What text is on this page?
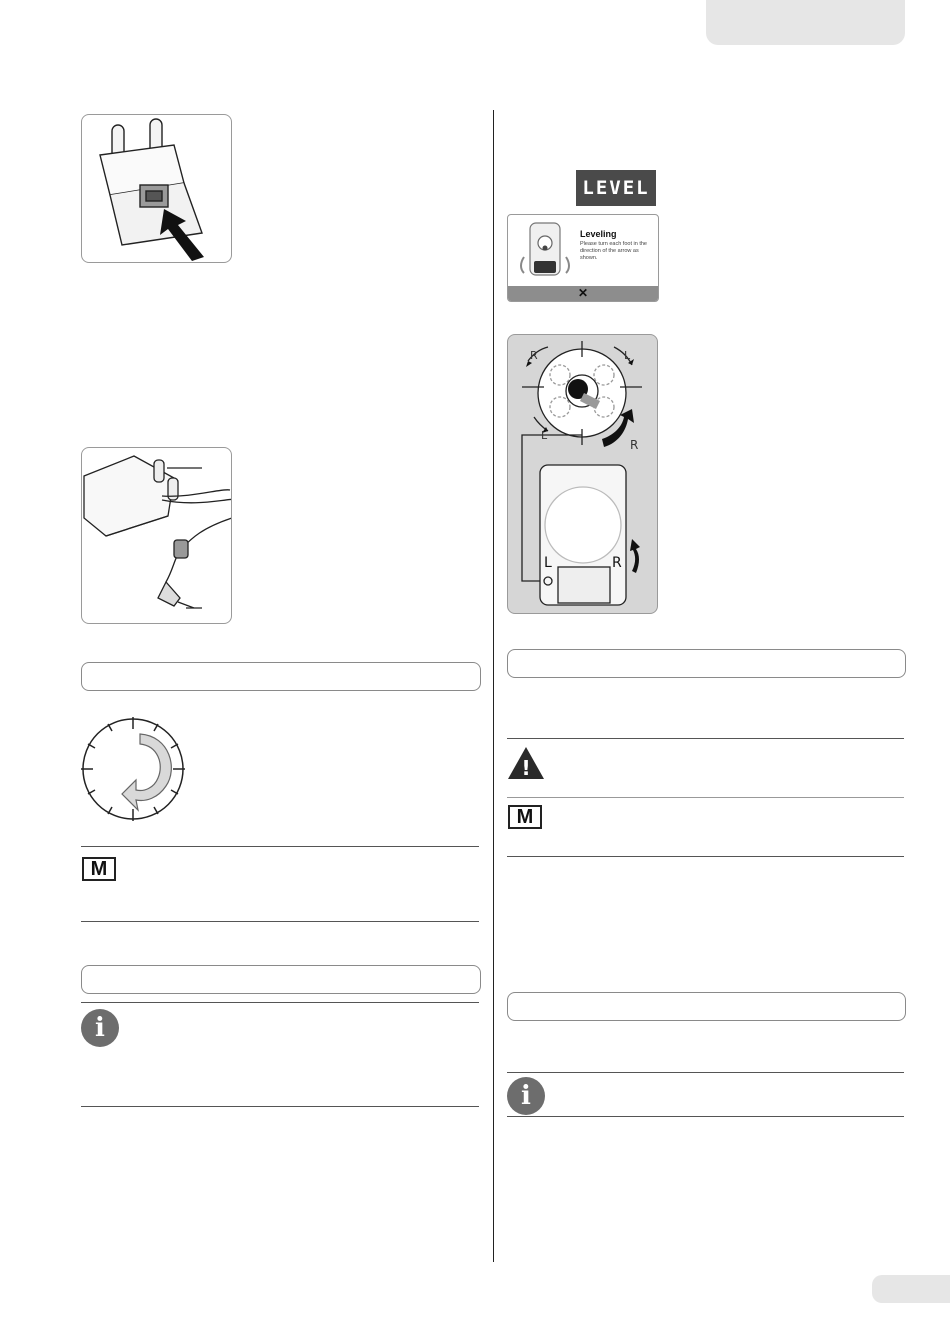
M
i
LEVEL
Leveling
Please turn each foot in the direction of the arrow as shown.
✕
R	L
L
R
L	R
!
M
i
